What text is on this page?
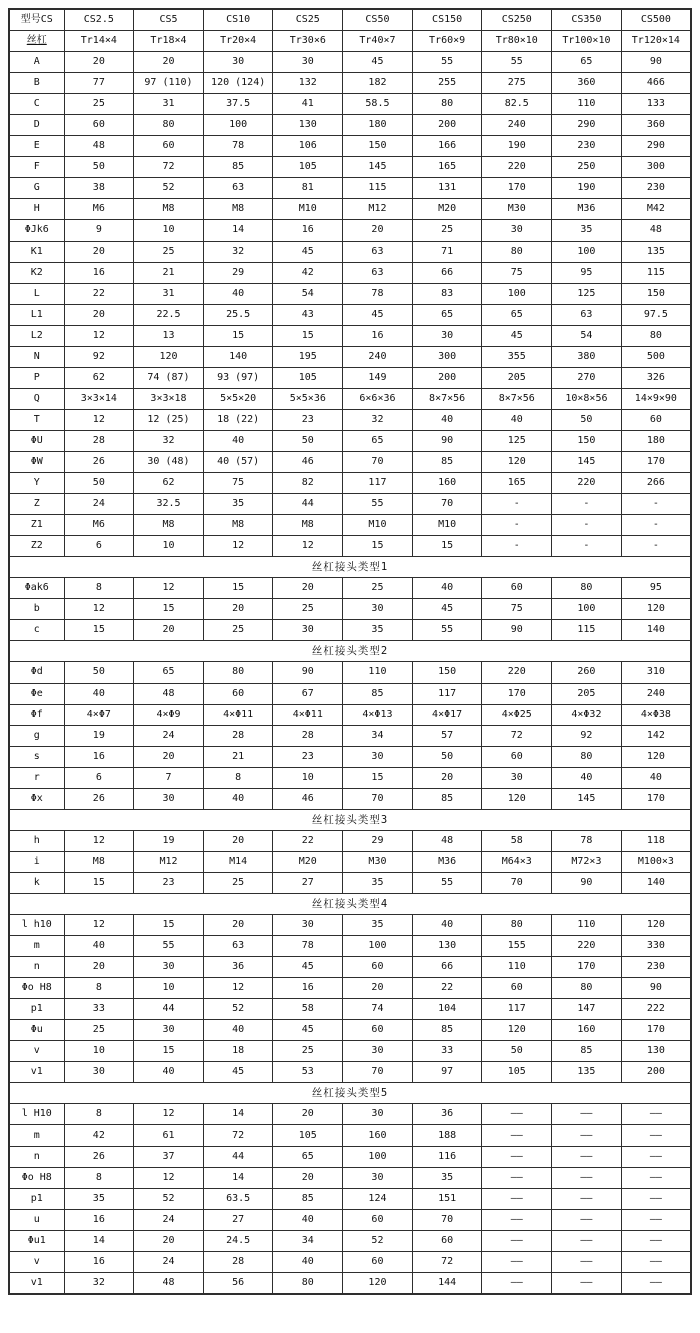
型号CS	CS2.5	CS5	CS10	CS25	CS50	CS150	CS250	CS350	CS500
丝杠	Tr14×4	Tr18×4	Tr20×4	Tr30×6	Tr40×7	Tr60×9	Tr80×10	Tr100×10	Tr120×14
A	20	20	30	30	45	55	55	65	90
B	77	97 (110)	120 (124)	132	182	255	275	360	466
C	25	31	37.5	41	58.5	80	82.5	110	133
D	60	80	100	130	180	200	240	290	360
E	48	60	78	106	150	166	190	230	290
F	50	72	85	105	145	165	220	250	300
G	38	52	63	81	115	131	170	190	230
H	M6	M8	M8	M10	M12	M20	M30	M36	M42
ΦJk6	9	10	14	16	20	25	30	35	48
K1	20	25	32	45	63	71	80	100	135
K2	16	21	29	42	63	66	75	95	115
L	22	31	40	54	78	83	100	125	150
L1	20	22.5	25.5	43	45	65	65	63	97.5
L2	12	13	15	15	16	30	45	54	80
N	92	120	140	195	240	300	355	380	500
P	62	74 (87)	93 (97)	105	149	200	205	270	326
Q	3×3×14	3×3×18	5×5×20	5×5×36	6×6×36	8×7×56	8×7×56	10×8×56	14×9×90
T	12	12 (25)	18 (22)	23	32	40	40	50	60
ΦU	28	32	40	50	65	90	125	150	180
ΦW	26	30 (48)	40 (57)	46	70	85	120	145	170
Y	50	62	75	82	117	160	165	220	266
Z	24	32.5	35	44	55	70	-	-	-
Z1	M6	M8	M8	M8	M10	M10	-	-	-
Z2	6	10	12	12	15	15	-	-	-
丝杠接头类型1									
Φak6	8	12	15	20	25	40	60	80	95
b	12	15	20	25	30	45	75	100	120
c	15	20	25	30	35	55	90	115	140
丝杠接头类型2									
Φd	50	65	80	90	110	150	220	260	310
Φe	40	48	60	67	85	117	170	205	240
Φf	4×Φ7	4×Φ9	4×Φ11	4×Φ11	4×Φ13	4×Φ17	4×Φ25	4×Φ32	4×Φ38
g	19	24	28	28	34	57	72	92	142
s	16	20	21	23	30	50	60	80	120
r	6	7	8	10	15	20	30	40	40
Φx	26	30	40	46	70	85	120	145	170
丝杠接头类型3									
h	12	19	20	22	29	48	58	78	118
i	M8	M12	M14	M20	M30	M36	M64×3	M72×3	M100×3
k	15	23	25	27	35	55	70	90	140
丝杠接头类型4									
l h10	12	15	20	30	35	40	80	110	120
m	40	55	63	78	100	130	155	220	330
n	20	30	36	45	60	66	110	170	230
Φo H8	8	10	12	16	20	22	60	80	90
p1	33	44	52	58	74	104	117	147	222
Φu	25	30	40	45	60	85	120	160	170
v	10	15	18	25	30	33	50	85	130
v1	30	40	45	53	70	97	105	135	200
丝杠接头类型5									
l H10	8	12	14	20	30	36	——	——	——
m	42	61	72	105	160	188	——	——	——
n	26	37	44	65	100	116	——	——	——
Φo H8	8	12	14	20	30	35	——	——	——
p1	35	52	63.5	85	124	151	——	——	——
u	16	24	27	40	60	70	——	——	——
Φu1	14	20	24.5	34	52	60	——	——	——
v	16	24	28	40	60	72	——	——	——
v1	32	48	56	80	120	144	——	——	——
